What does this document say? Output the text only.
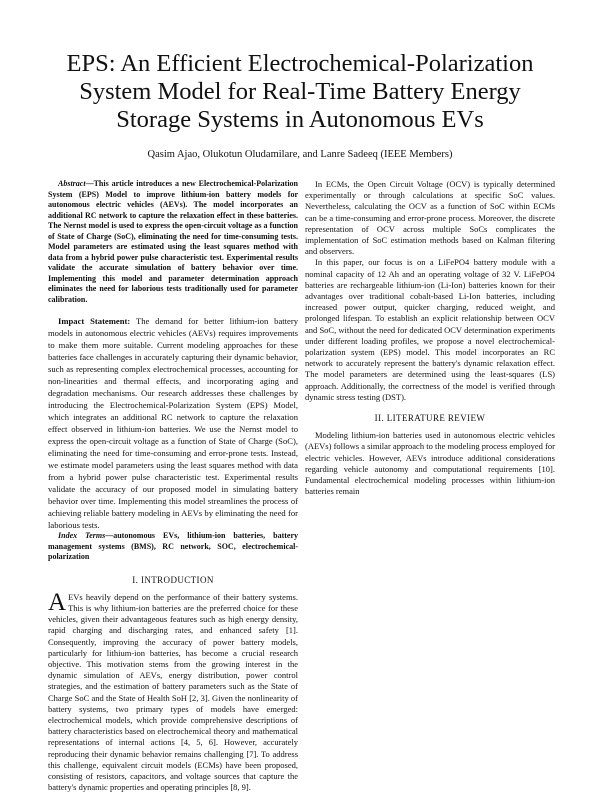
EPS: An Efficient Electrochemical-Polarization System Model for Real-Time Battery Energy Storage Systems in Autonomous EVs
Qasim Ajao, Olukotun Oludamilare, and Lanre Sadeeq (IEEE Members)

Abstract—This article introduces a new Electrochemical-Polarization System (EPS) Model to improve lithium-ion battery models for autonomous electric vehicles (AEVs). The model incorporates an additional RC network to capture the relaxation effect in these batteries. The Nernst model is used to express the open-circuit voltage as a function of State of Charge (SoC), eliminating the need for time-consuming tests. Model parameters are estimated using the least squares method with data from a hybrid power pulse characteristic test. Experimental results validate the accurate simulation of battery behavior over time. Implementing this model and parameter determination approach eliminates the need for laborious tests traditionally used for parameter calibration.

Impact Statement: The demand for better lithium-ion battery models in autonomous electric vehicles (AEVs) requires improvements to make them more suitable. Current modeling approaches for these batteries face challenges in accurately capturing their dynamic behavior, such as representing complex electrochemical processes, accounting for non-linearities and thermal effects, and incorporating aging and degradation mechanisms. Our research addresses these challenges by introducing the Electrochemical-Polarization System (EPS) Model, which integrates an additional RC network to capture the relaxation effect observed in lithium-ion batteries. We use the Nernst model to express the open-circuit voltage as a function of State of Charge (SoC), eliminating the need for time-consuming and error-prone tests. Instead, we estimate model parameters using the least squares method with data from a hybrid power pulse characteristic test. Experimental results validate the accuracy of our proposed model in simulating battery behavior over time. Implementing this model streamlines the process of achieving reliable battery modeling in AEVs by eliminating the need for laborious tests.

Index Terms—autonomous EVs, lithium-ion batteries, battery management systems (BMS), RC network, SOC, electrochemical-polarization

I. INTRODUCTION

A EVs heavily depend on the performance of their battery systems. This is why lithium-ion batteries are the preferred choice for these vehicles, given their advantageous features such as high energy density, rapid charging and discharging rates, and enhanced safety [1]. Consequently, improving the accuracy of power battery models, particularly for lithium-ion batteries, has become a crucial research objective. This motivation stems from the growing interest in the dynamic simulation of AEVs, energy distribution, power control strategies, and the estimation of battery parameters such as the State of Charge SoC and the State of Health SoH [2, 3]. Given the nonlinearity of battery systems, two primary types of models have emerged: electrochemical models, which provide comprehensive descriptions of battery characteristics based on electrochemical theory and mathematical representations of internal actions [4, 5, 6]. However, accurately reproducing their dynamic behavior remains challenging [7]. To address this challenge, equivalent circuit models (ECMs) have been proposed, consisting of resistors, capacitors, and voltage sources that capture the battery's dynamic properties and operating principles [8, 9].

In ECMs, the Open Circuit Voltage (OCV) is typically determined experimentally or through calculations at specific SoC values. Nevertheless, calculating the OCV as a function of SoC within ECMs can be a time-consuming and error-prone process. Moreover, the discrete representation of OCV across multiple SoCs complicates the implementation of SoC estimation methods based on Kalman filtering and observers.

In this paper, our focus is on a LiFePO4 battery module with a nominal capacity of 12 Ah and an operating voltage of 32 V. LiFePO4 batteries are rechargeable lithium-ion (Li-Ion) batteries known for their advantages over traditional cobalt-based Li-Ion batteries, including increased power output, quicker charging, reduced weight, and prolonged lifespan. To establish an explicit relationship between OCV and SoC, without the need for dedicated OCV determination experiments under different loading profiles, we propose a novel electrochemical-polarization system (EPS) model. This model incorporates an RC network to accurately represent the battery's dynamic relaxation effect. The model parameters are determined using the least-squares (LS) approach. Additionally, the correctness of the model is verified through dynamic stress testing (DST).

II. LITERATURE REVIEW

Modeling lithium-ion batteries used in autonomous electric vehicles (AEVs) follows a similar approach to the modeling process employed for electric vehicles. However, AEVs introduce additional considerations regarding vehicle autonomy and computational requirements [10]. Fundamental electrochemical modeling processes within lithium-ion batteries remain
